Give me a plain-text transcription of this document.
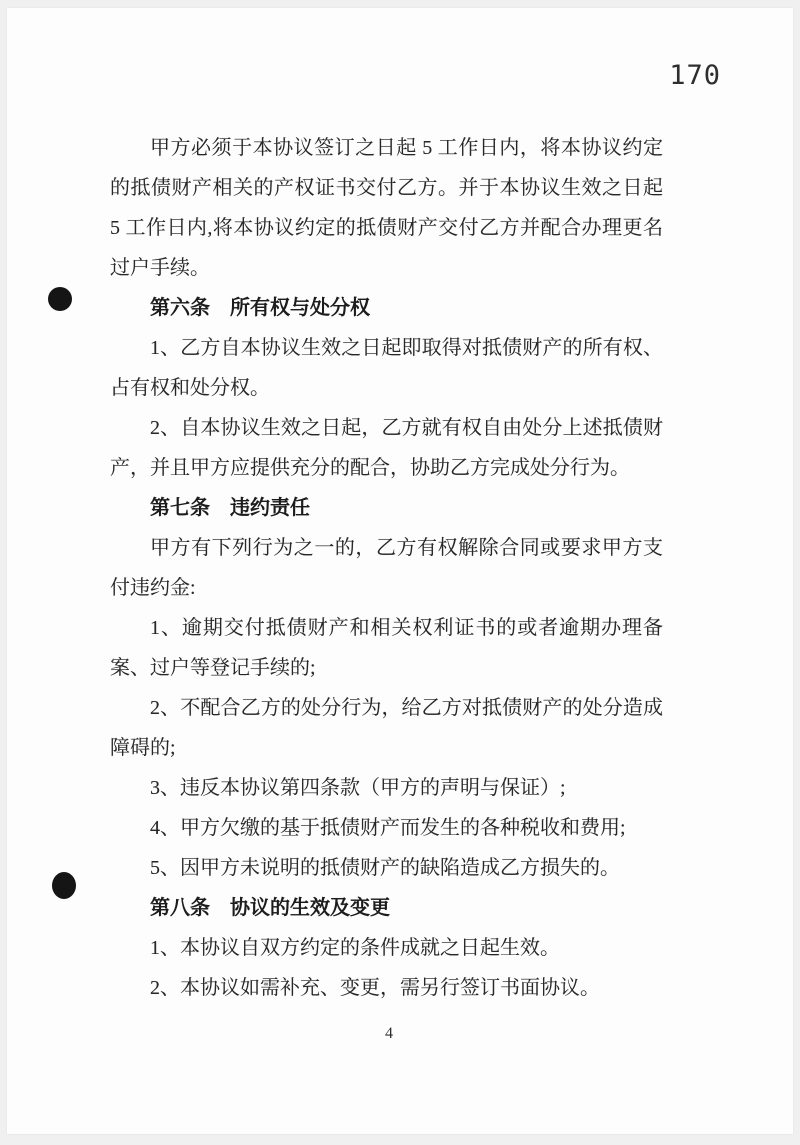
170
甲方必须于本协议签订之日起 5 工作日内，将本协议约定
的抵债财产相关的产权证书交付乙方。并于本协议生效之日起
5 工作日内,将本协议约定的抵债财产交付乙方并配合办理更名
过户手续。
第六条　所有权与处分权
1、乙方自本协议生效之日起即取得对抵债财产的所有权、
占有权和处分权。
2、自本协议生效之日起，乙方就有权自由处分上述抵债财
产，并且甲方应提供充分的配合，协助乙方完成处分行为。
第七条　违约责任
甲方有下列行为之一的，乙方有权解除合同或要求甲方支
付违约金:
1、逾期交付抵债财产和相关权利证书的或者逾期办理备
案、过户等登记手续的;
2、不配合乙方的处分行为，给乙方对抵债财产的处分造成
障碍的;
3、违反本协议第四条款（甲方的声明与保证）;
4、甲方欠缴的基于抵债财产而发生的各种税收和费用;
5、因甲方未说明的抵债财产的缺陷造成乙方损失的。
第八条　协议的生效及变更
1、本协议自双方约定的条件成就之日起生效。
2、本协议如需补充、变更，需另行签订书面协议。
4
